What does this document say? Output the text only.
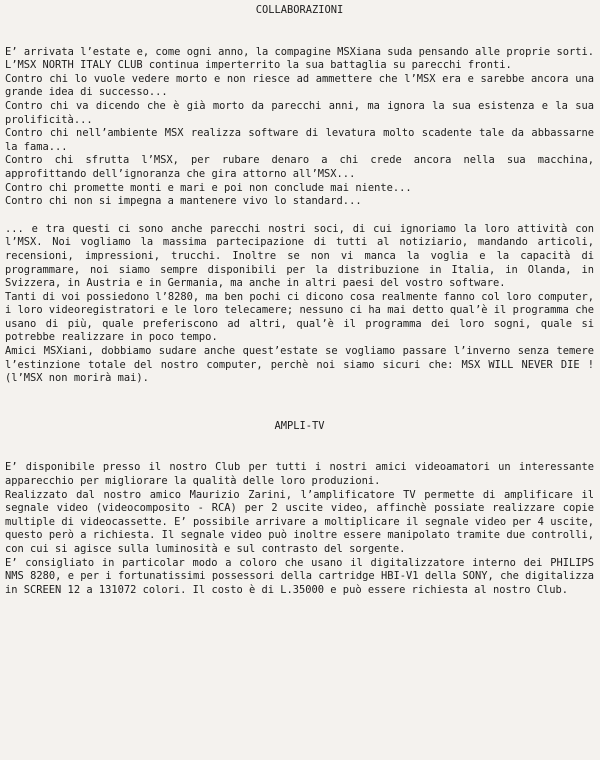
COLLABORAZIONI

E’ arrivata l’estate e, come ogni anno, la compagine MSXiana suda pensando alle proprie sorti. L’MSX NORTH ITALY CLUB continua imperterrito la sua battaglia su parecchi fronti.

Contro chi lo vuole vedere morto e non riesce ad ammettere che l’MSX era e sarebbe ancora una grande idea di successo...

Contro chi va dicendo che è già morto da parecchi anni, ma ignora la sua esistenza e la sua prolificità...

Contro chi nell’ambiente MSX realizza software di levatura molto scadente tale da abbassarne la fama...

Contro chi sfrutta l’MSX, per rubare denaro a chi crede ancora nella sua macchina, approfittando dell’ignoranza che gira attorno all’MSX...

Contro chi promette monti e mari e poi non conclude mai niente...

Contro chi non si impegna a mantenere vivo lo standard...

... e tra questi ci sono anche parecchi nostri soci, di cui ignoriamo la loro attività con l’MSX. Noi vogliamo la massima partecipazione di tutti al notiziario, mandando articoli, recensioni, impressioni, trucchi. Inoltre se non vi manca la voglia e la capacità di programmare, noi siamo sempre disponibili per la distribuzione in Italia, in Olanda, in Svizzera, in Austria e in Germania, ma anche in altri paesi del vostro software.

Tanti di voi possiedono l’8280, ma ben pochi ci dicono cosa realmente fanno col loro computer, i loro videoregistratori e le loro telecamere; nessuno ci ha mai detto qual’è il programma che usano di più, quale preferiscono ad altri, qual’è il programma dei loro sogni, quale si potrebbe realizzare in poco tempo.

Amici MSXiani, dobbiamo sudare anche quest’estate se vogliamo passare l’inverno senza temere l’estinzione totale del nostro computer, perchè noi siamo sicuri che: MSX WILL NEVER DIE ! (l’MSX non morirà mai).

AMPLI-TV

E’ disponibile presso il nostro Club per tutti i nostri amici videoamatori un interessante apparecchio per migliorare la qualità delle loro produzioni.

Realizzato dal nostro amico Maurizio Zarini, l’amplificatore TV permette di amplificare il segnale video (videocomposito - RCA) per 2 uscite video, affinchè possiate realizzare copie multiple di videocassette. E’ possibile arrivare a moltiplicare il segnale video per 4 uscite, questo però a richiesta. Il segnale video può inoltre essere manipolato tramite due controlli, con cui si agisce sulla luminosità e sul contrasto del sorgente.

E’ consigliato in particolar modo a coloro che usano il digitalizzatore interno dei PHILIPS NMS 8280, e per i fortunatissimi possessori della cartridge HBI-V1 della SONY, che digitalizza in SCREEN 12 a 131072 colori. Il costo è di L.35000 e può essere richiesta al nostro Club.
